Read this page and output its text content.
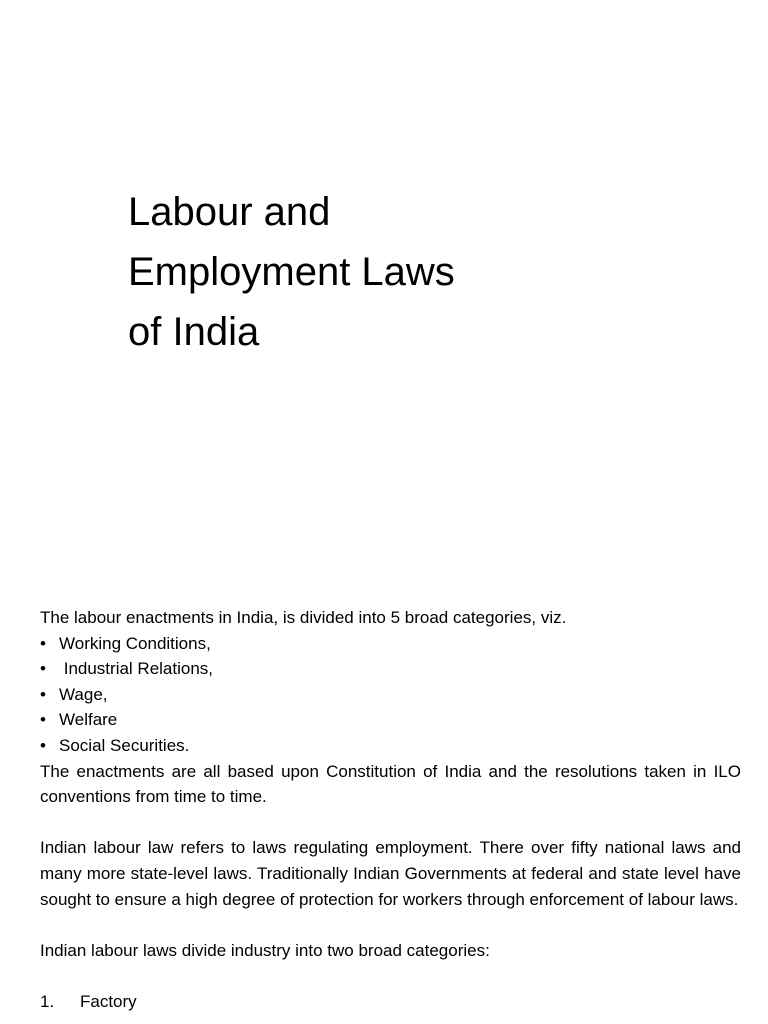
Labour and
Employment Laws
of India

The labour enactments in India, is divided into 5 broad categories, viz.

• Working Conditions,
• Industrial Relations,
• Wage,
• Welfare
• Social Securities.

The enactments are all based upon Constitution of India and the resolutions taken in ILO conventions from time to time.

Indian labour law refers to laws regulating employment. There over fifty national laws and many more state-level laws. Traditionally Indian Governments at federal and state level have sought to ensure a high degree of protection for workers through enforcement of labour laws.

Indian labour laws divide industry into two broad categories:

1.	Factory
